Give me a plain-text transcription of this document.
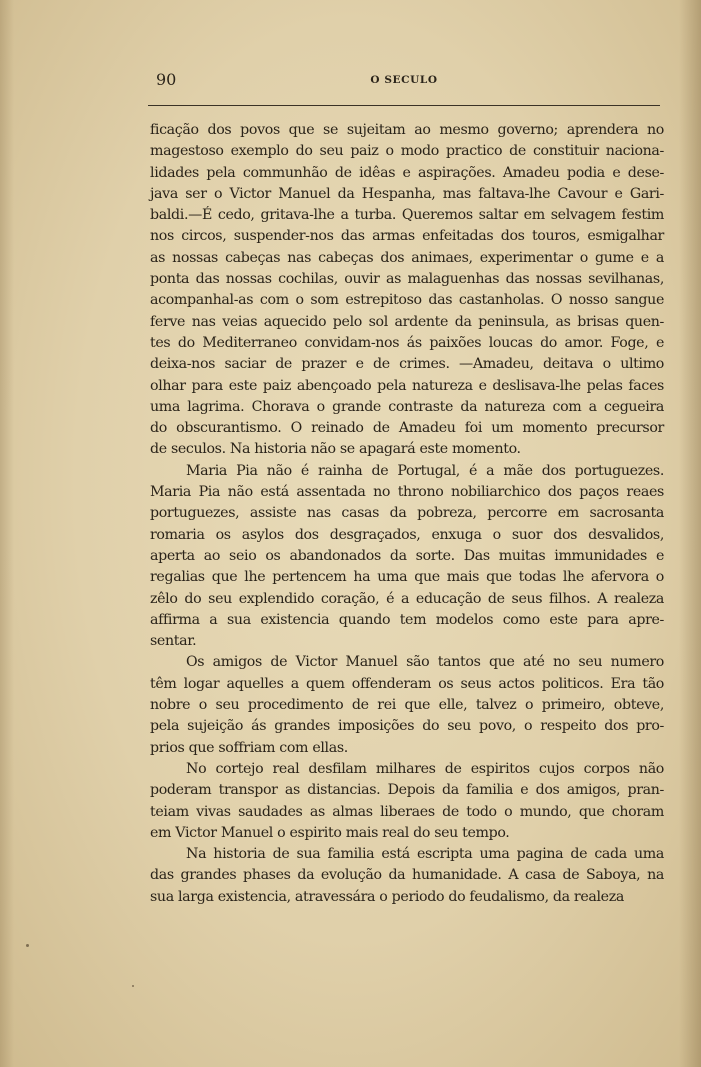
90	O SECULO
ficação dos povos que se sujeitam ao mesmo governo; aprendera no
magestoso exemplo do seu paiz o modo practico de constituir naciona-
lidades pela communhão de idêas e aspirações. Amadeu podia e dese-
java ser o Victor Manuel da Hespanha, mas faltava-lhe Cavour e Gari-
baldi.—É cedo, gritava-lhe a turba. Queremos saltar em selvagem festim
nos circos, suspender-nos das armas enfeitadas dos touros, esmigalhar
as nossas cabeças nas cabeças dos animaes, experimentar o gume e a
ponta das nossas cochilas, ouvir as malaguenhas das nossas sevilhanas,
acompanhal-as com o som estrepitoso das castanholas. O nosso sangue
ferve nas veias aquecido pelo sol ardente da peninsula, as brisas quen-
tes do Mediterraneo convidam-nos ás paixões loucas do amor. Foge, e
deixa-nos saciar de prazer e de crimes. —Amadeu, deitava o ultimo
olhar para este paiz abençoado pela natureza e deslisava-lhe pelas faces
uma lagrima. Chorava o grande contraste da natureza com a cegueira
do obscurantismo. O reinado de Amadeu foi um momento precursor
de seculos. Na historia não se apagará este momento.
Maria Pia não é rainha de Portugal, é a mãe dos portuguezes.
Maria Pia não está assentada no throno nobiliarchico dos paços reaes
portuguezes, assiste nas casas da pobreza, percorre em sacrosanta
romaria os asylos dos desgraçados, enxuga o suor dos desvalidos,
aperta ao seio os abandonados da sorte. Das muitas immunidades e
regalias que lhe pertencem ha uma que mais que todas lhe afervora o
zêlo do seu explendido coração, é a educação de seus filhos. A realeza
affirma a sua existencia quando tem modelos como este para apre-
sentar.
Os amigos de Victor Manuel são tantos que até no seu numero
têm logar aquelles a quem offenderam os seus actos politicos. Era tão
nobre o seu procedimento de rei que elle, talvez o primeiro, obteve,
pela sujeição ás grandes imposições do seu povo, o respeito dos pro-
prios que soffriam com ellas.
No cortejo real desfilam milhares de espiritos cujos corpos não
poderam transpor as distancias. Depois da familia e dos amigos, pran-
teiam vivas saudades as almas liberaes de todo o mundo, que choram
em Victor Manuel o espirito mais real do seu tempo.
Na historia de sua familia está escripta uma pagina de cada uma
das grandes phases da evolução da humanidade. A casa de Saboya, na
sua larga existencia, atravessára o periodo do feudalismo, da realeza
